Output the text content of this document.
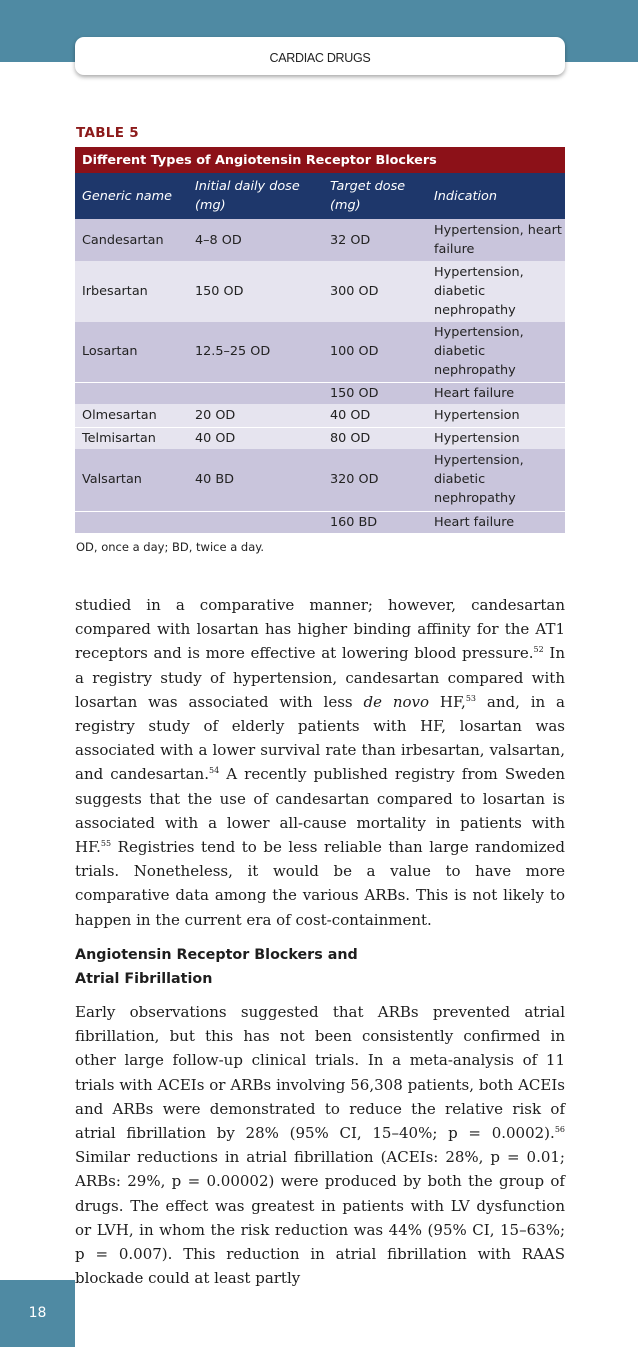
CARDIAC DRUGS
TABLE 5
Different Types of Angiotensin Receptor Blockers			
Generic name	Initial daily dose (mg)	Target dose (mg)	Indication
Candesartan	4–8 OD	32 OD	Hypertension, heart failure
Irbesartan	150 OD	300 OD	Hypertension, diabetic nephropathy
Losartan	12.5–25 OD	100 OD	Hypertension, diabetic nephropathy
		150 OD	Heart failure
Olmesartan	20 OD	40 OD	Hypertension
Telmisartan	40 OD	80 OD	Hypertension
Valsartan	40 BD	320 OD	Hypertension, diabetic nephropathy
		160 BD	Heart failure
OD, once a day; BD, twice a day.

studied in a comparative manner; however, candesartan compared with losartan has higher binding affinity for the AT1 receptors and is more effective at lowering blood pressure.$^{52}$ In a registry study of hypertension, candesartan compared with losartan was associated with less de novo HF,$^{53}$ and, in a registry study of elderly patients with HF, losartan was associated with a lower survival rate than irbesartan, valsartan, and candesartan.$^{54}$ A recently published registry from Sweden suggests that the use of candesartan compared to losartan is associated with a lower all-cause mortality in patients with HF.$^{55}$ Registries tend to be less reliable than large randomized trials. Nonetheless, it would be a value to have more comparative data among the various ARBs. This is not likely to happen in the current era of cost-containment.

Angiotensin Receptor Blockers and
Atrial Fibrillation

Early observations suggested that ARBs prevented atrial fibrillation, but this has not been consistently confirmed in other large follow-up clinical trials. In a meta-analysis of 11 trials with ACEIs or ARBs involving 56,308 patients, both ACEIs and ARBs were demonstrated to reduce the relative risk of atrial fibrillation by 28% (95% CI, 15–40%; p = 0.0002).$^{56}$ Similar reductions in atrial fibrillation (ACEIs: 28%, p = 0.01; ARBs: 29%, p = 0.00002) were produced by both the group of drugs. The effect was greatest in patients with LV dysfunction or LVH, in whom the risk reduction was 44% (95% CI, 15–63%; p = 0.007). This reduction in atrial fibrillation with RAAS blockade could at least partly

18
